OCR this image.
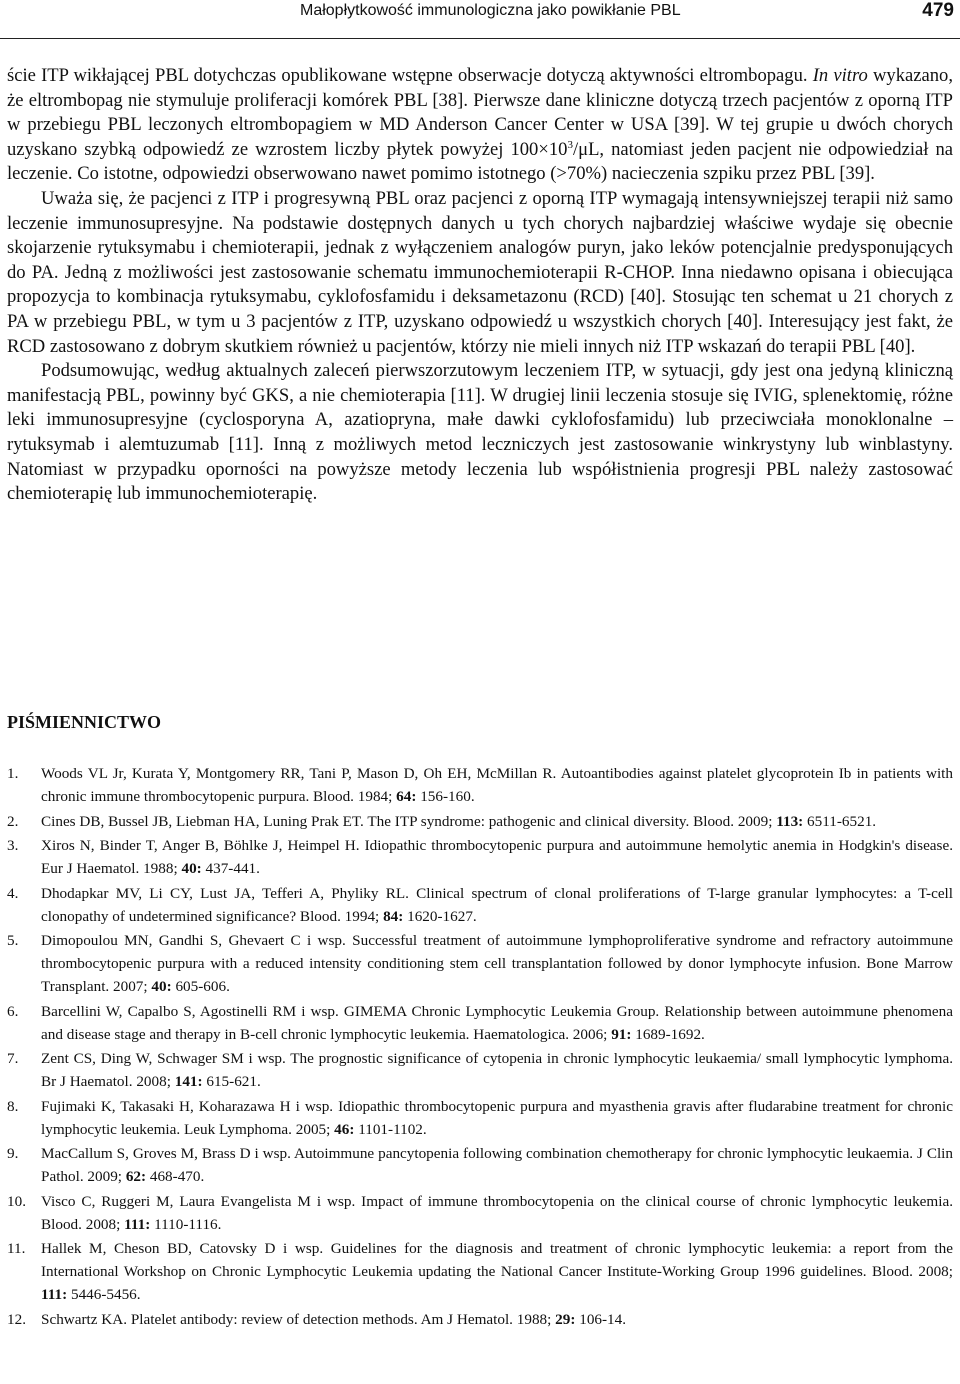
Małopłytkowość immunologiczna jako powikłanie PBL	479

ście ITP wikłającej PBL dotychczas opublikowane wstępne obserwacje dotyczą aktywności eltrombopagu. In vitro wykazano, że eltrombopag nie stymuluje proliferacji komórek PBL [38]. Pierwsze dane kliniczne dotyczą trzech pacjentów z oporną ITP w przebiegu PBL leczonych eltrombopagiem w MD Anderson Cancer Center w USA [39]. W tej grupie u dwóch chorych uzyskano szybką odpowiedź ze wzrostem liczby płytek powyżej $100\times 10^3/\mu L$, natomiast jeden pacjent nie odpowiedział na leczenie. Co istotne, odpowiedzi obserwowano nawet pomimo istotnego (>70%) nacieczenia szpiku przez PBL [39].

Uważa się, że pacjenci z ITP i progresywną PBL oraz pacjenci z oporną ITP wymagają intensywniejszej terapii niż samo leczenie immunosupresyjne. Na podstawie dostępnych danych u tych chorych najbardziej właściwe wydaje się obecnie skojarzenie rytuksymabu i chemioterapii, jednak z wyłączeniem analogów puryn, jako leków potencjalnie predysponujących do PA. Jedną z możliwości jest zastosowanie schematu immunochemioterapii R-CHOP. Inna niedawno opisana i obiecująca propozycja to kombinacja rytuksymabu, cyklofosfamidu i deksametazonu (RCD) [40]. Stosując ten schemat u 21 chorych z PA w przebiegu PBL, w tym u 3 pacjentów z ITP, uzyskano odpowiedź u wszystkich chorych [40]. Interesujący jest fakt, że RCD zastosowano z dobrym skutkiem również u pacjentów, którzy nie mieli innych niż ITP wskazań do terapii PBL [40].

Podsumowując, według aktualnych zaleceń pierwszorzutowym leczeniem ITP, w sytuacji, gdy jest ona jedyną kliniczną manifestacją PBL, powinny być GKS, a nie chemioterapia [11]. W drugiej linii leczenia stosuje się IVIG, splenektomię, różne leki immunosupresyjne (cyclosporyna A, azatiopryna, małe dawki cyklofosfamidu) lub przeciwciała monoklonalne – rytuksymab i alemtuzumab [11]. Inną z możliwych metod leczniczych jest zastosowanie winkrystyny lub winblastyny. Natomiast w przypadku oporności na powyższe metody leczenia lub współistnienia progresji PBL należy zastosować chemioterapię lub immunochemioterapię.

PIŚMIENNICTWO
1. Woods VL Jr, Kurata Y, Montgomery RR, Tani P, Mason D, Oh EH, McMillan R. Autoantibodies against platelet glycoprotein Ib in patients with chronic immune thrombocytopenic purpura. Blood. 1984; 64: 156-160.
2. Cines DB, Bussel JB, Liebman HA, Luning Prak ET. The ITP syndrome: pathogenic and clinical diversity. Blood. 2009; 113: 6511-6521.
3. Xiros N, Binder T, Anger B, Böhlke J, Heimpel H. Idiopathic thrombocytopenic purpura and autoimmune hemolytic anemia in Hodgkin's disease. Eur J Haematol. 1988; 40: 437-441.
4. Dhodapkar MV, Li CY, Lust JA, Tefferi A, Phyliky RL. Clinical spectrum of clonal proliferations of T-large granular lymphocytes: a T-cell clonopathy of undetermined significance? Blood. 1994; 84: 1620-1627.
5. Dimopoulou MN, Gandhi S, Ghevaert C i wsp. Successful treatment of autoimmune lymphoproliferative syndrome and refractory autoimmune thrombocytopenic purpura with a reduced intensity conditioning stem cell transplantation followed by donor lymphocyte infusion. Bone Marrow Transplant. 2007; 40: 605-606.
6. Barcellini W, Capalbo S, Agostinelli RM i wsp. GIMEMA Chronic Lymphocytic Leukemia Group. Relationship between autoimmune phenomena and disease stage and therapy in B-cell chronic lymphocytic leukemia. Haematologica. 2006; 91: 1689-1692.
7. Zent CS, Ding W, Schwager SM i wsp. The prognostic significance of cytopenia in chronic lymphocytic leukaemia/ small lymphocytic lymphoma. Br J Haematol. 2008; 141: 615-621.
8. Fujimaki K, Takasaki H, Koharazawa H i wsp. Idiopathic thrombocytopenic purpura and myasthenia gravis after fludarabine treatment for chronic lymphocytic leukemia. Leuk Lymphoma. 2005; 46: 1101-1102.
9. MacCallum S, Groves M, Brass D i wsp. Autoimmune pancytopenia following combination chemotherapy for chronic lymphocytic leukaemia. J Clin Pathol. 2009; 62: 468-470.
10. Visco C, Ruggeri M, Laura Evangelista M i wsp. Impact of immune thrombocytopenia on the clinical course of chronic lymphocytic leukemia. Blood. 2008; 111: 1110-1116.
11. Hallek M, Cheson BD, Catovsky D i wsp. Guidelines for the diagnosis and treatment of chronic lymphocytic leukemia: a report from the International Workshop on Chronic Lymphocytic Leukemia updating the National Cancer Institute-Working Group 1996 guidelines. Blood. 2008; 111: 5446-5456.
12. Schwartz KA. Platelet antibody: review of detection methods. Am J Hematol. 1988; 29: 106-14.
